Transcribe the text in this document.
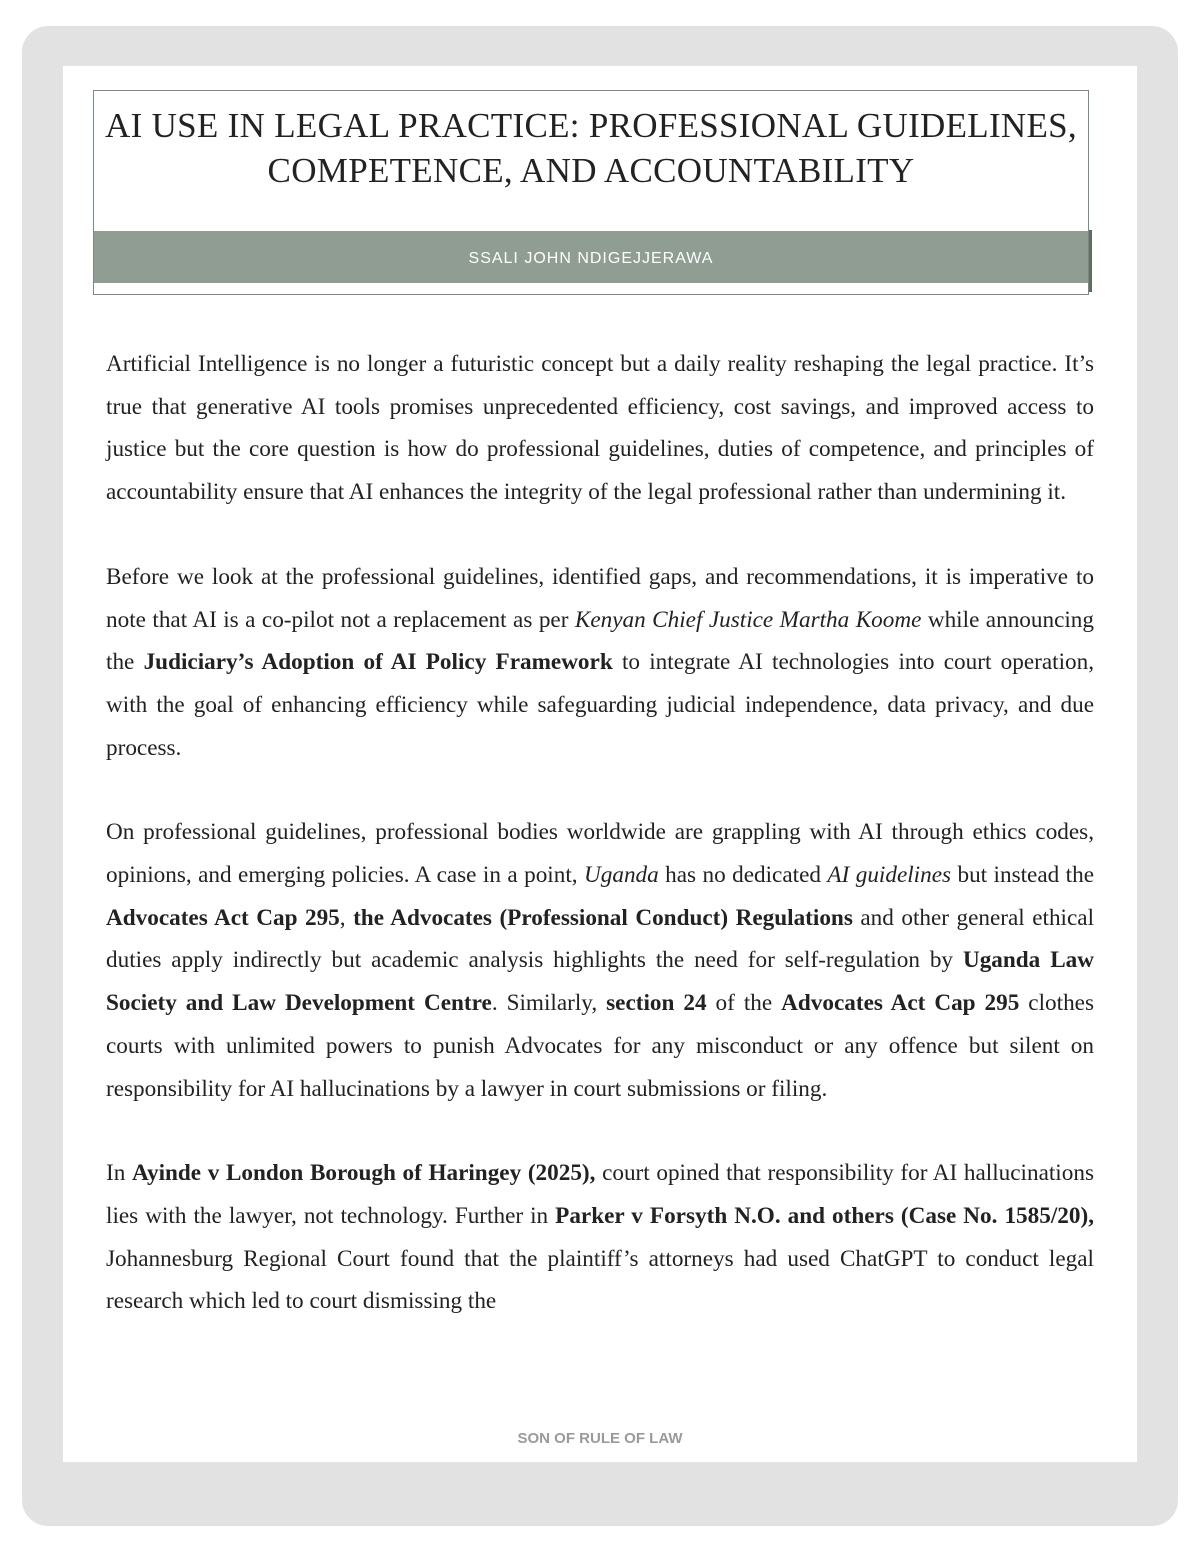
AI USE IN LEGAL PRACTICE: PROFESSIONAL GUIDELINES, COMPETENCE, AND ACCOUNTABILITY
SSALI JOHN NDIGEJJERAWA

Artificial Intelligence is no longer a futuristic concept but a daily reality reshaping the legal practice. It’s true that generative AI tools promises unprecedented efficiency, cost savings, and improved access to justice but the core question is how do professional guidelines, duties of competence, and principles of accountability ensure that AI enhances the integrity of the legal professional rather than undermining it.

Before we look at the professional guidelines, identified gaps, and recommendations, it is imperative to note that AI is a co-pilot not a replacement as per Kenyan Chief Justice Martha Koome while announcing the Judiciary’s Adoption of AI Policy Framework to integrate AI technologies into court operation, with the goal of enhancing efficiency while safeguarding judicial independence, data privacy, and due process.

On professional guidelines, professional bodies worldwide are grappling with AI through ethics codes, opinions, and emerging policies. A case in a point, Uganda has no dedicated AI guidelines but instead the Advocates Act Cap 295, the Advocates (Professional Conduct) Regulations and other general ethical duties apply indirectly but academic analysis highlights the need for self-regulation by Uganda Law Society and Law Development Centre. Similarly, section 24 of the Advocates Act Cap 295 clothes courts with unlimited powers to punish Advocates for any misconduct or any offence but silent on responsibility for AI hallucinations by a lawyer in court submissions or filing.

In Ayinde v London Borough of Haringey (2025), court opined that responsibility for AI hallucinations lies with the lawyer, not technology. Further in Parker v Forsyth N.O. and others (Case No. 1585/20), Johannesburg Regional Court found that the plaintiff’s attorneys had used ChatGPT to conduct legal research which led to court dismissing the

SON OF RULE OF LAW
